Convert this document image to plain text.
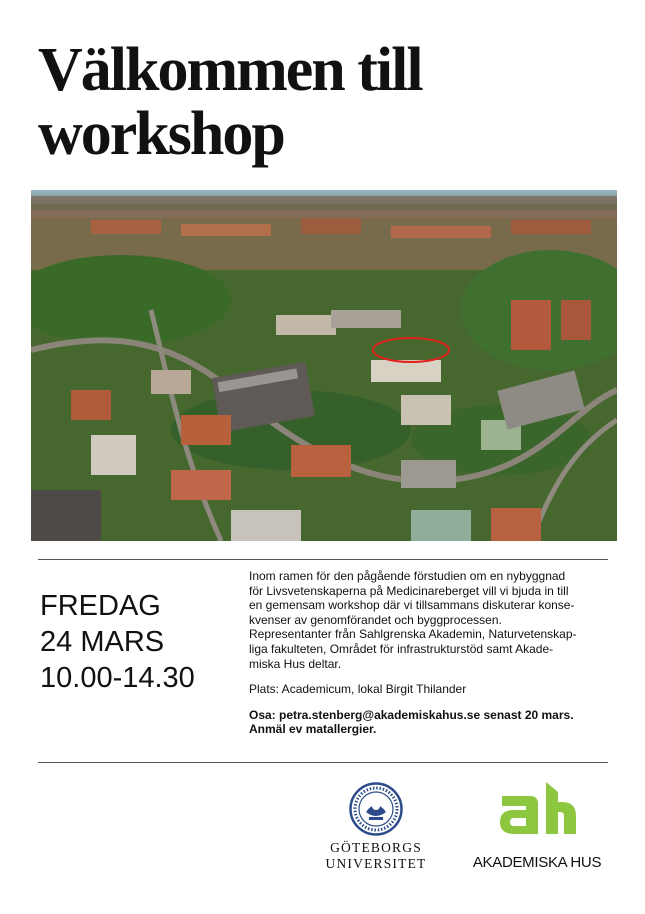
Välkommen till
workshop
FREDAG
24 MARS
10.00-14.30

Inom ramen för den pågående förstudien om en nybyggnad
för Livsvetenskaperna på Medicinareberget vill vi bjuda in till
en gemensam workshop där vi tillsammans diskuterar konse-
kvenser av genomförandet och byggprocessen.
Representanter från Sahlgrenska Akademin, Naturvetenskap-
liga fakulteten, Området för infrastrukturstöd samt Akade-
miska Hus deltar.

Plats: Academicum, lokal Birgit Thilander

Osa: petra.stenberg@akademiskahus.se senast 20 mars.
Anmäl ev matallergier.

GÖTEBORGS
UNIVERSITET	AKADEMISKA HUS
